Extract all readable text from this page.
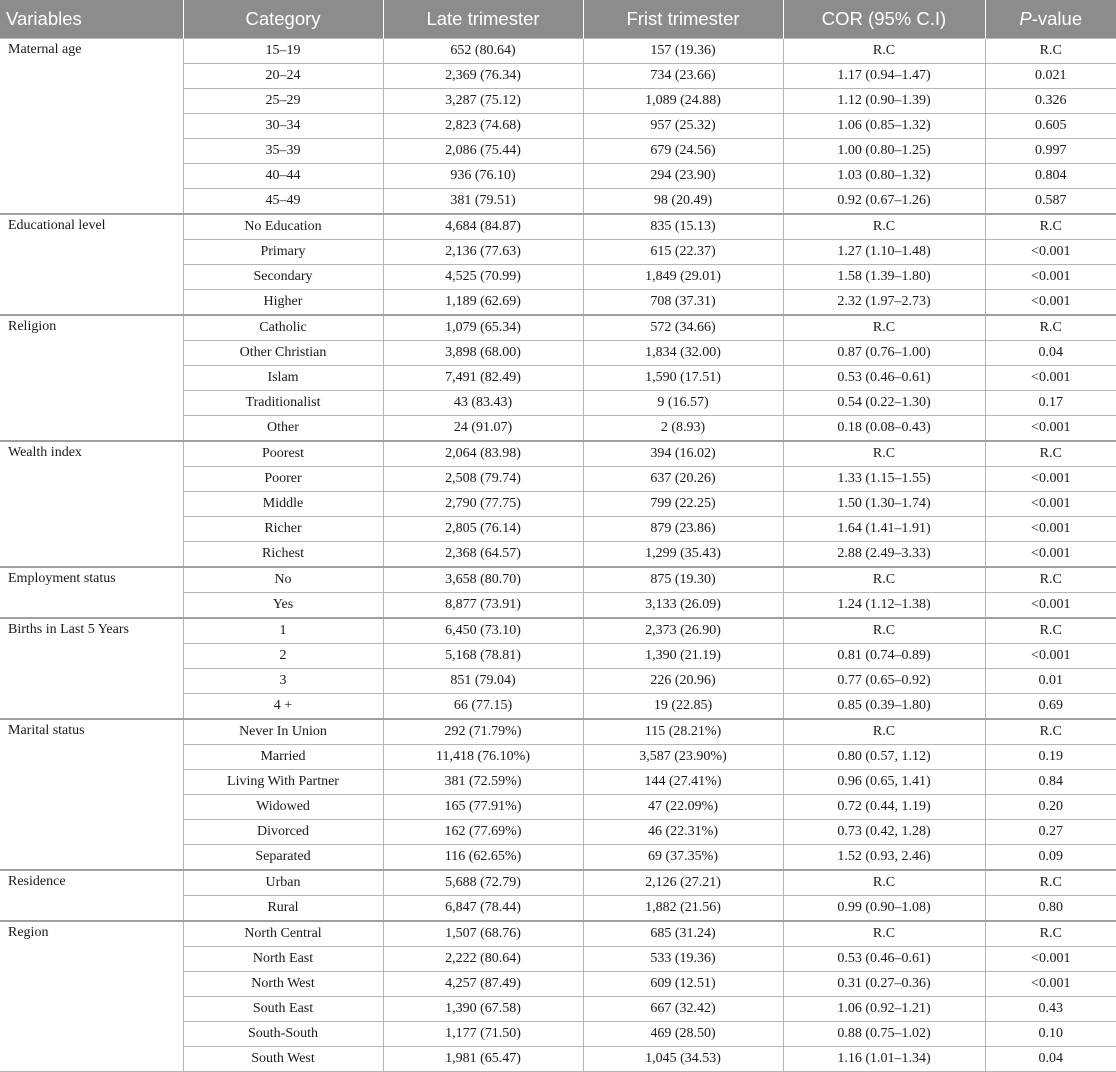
Variables	Category	Late trimester	Frist trimester	COR (95% C.I)	P-value
Maternal age	15–19	652 (80.64)	157 (19.36)	R.C	R.C
	20–24	2,369 (76.34)	734 (23.66)	1.17 (0.94–1.47)	0.021
	25–29	3,287 (75.12)	1,089 (24.88)	1.12 (0.90–1.39)	0.326
	30–34	2,823 (74.68)	957 (25.32)	1.06 (0.85–1.32)	0.605
	35–39	2,086 (75.44)	679 (24.56)	1.00 (0.80–1.25)	0.997
	40–44	936 (76.10)	294 (23.90)	1.03 (0.80–1.32)	0.804
	45–49	381 (79.51)	98 (20.49)	0.92 (0.67–1.26)	0.587
Educational level	No Education	4,684 (84.87)	835 (15.13)	R.C	R.C
	Primary	2,136 (77.63)	615 (22.37)	1.27 (1.10–1.48)	<0.001
	Secondary	4,525 (70.99)	1,849 (29.01)	1.58 (1.39–1.80)	<0.001
	Higher	1,189 (62.69)	708 (37.31)	2.32 (1.97–2.73)	<0.001
Religion	Catholic	1,079 (65.34)	572 (34.66)	R.C	R.C
	Other Christian	3,898 (68.00)	1,834 (32.00)	0.87 (0.76–1.00)	0.04
	Islam	7,491 (82.49)	1,590 (17.51)	0.53 (0.46–0.61)	<0.001
	Traditionalist	43 (83.43)	9 (16.57)	0.54 (0.22–1.30)	0.17
	Other	24 (91.07)	2 (8.93)	0.18 (0.08–0.43)	<0.001
Wealth index	Poorest	2,064 (83.98)	394 (16.02)	R.C	R.C
	Poorer	2,508 (79.74)	637 (20.26)	1.33 (1.15–1.55)	<0.001
	Middle	2,790 (77.75)	799 (22.25)	1.50 (1.30–1.74)	<0.001
	Richer	2,805 (76.14)	879 (23.86)	1.64 (1.41–1.91)	<0.001
	Richest	2,368 (64.57)	1,299 (35.43)	2.88 (2.49–3.33)	<0.001
Employment status	No	3,658 (80.70)	875 (19.30)	R.C	R.C
	Yes	8,877 (73.91)	3,133 (26.09)	1.24 (1.12–1.38)	<0.001
Births in Last 5 Years	1	6,450 (73.10)	2,373 (26.90)	R.C	R.C
	2	5,168 (78.81)	1,390 (21.19)	0.81 (0.74–0.89)	<0.001
	3	851 (79.04)	226 (20.96)	0.77 (0.65–0.92)	0.01
	4 +	66 (77.15)	19 (22.85)	0.85 (0.39–1.80)	0.69
Marital status	Never In Union	292 (71.79%)	115 (28.21%)	R.C	R.C
	Married	11,418 (76.10%)	3,587 (23.90%)	0.80 (0.57, 1.12)	0.19
	Living With Partner	381 (72.59%)	144 (27.41%)	0.96 (0.65, 1.41)	0.84
	Widowed	165 (77.91%)	47 (22.09%)	0.72 (0.44, 1.19)	0.20
	Divorced	162 (77.69%)	46 (22.31%)	0.73 (0.42, 1.28)	0.27
	Separated	116 (62.65%)	69 (37.35%)	1.52 (0.93, 2.46)	0.09
Residence	Urban	5,688 (72.79)	2,126 (27.21)	R.C	R.C
	Rural	6,847 (78.44)	1,882 (21.56)	0.99 (0.90–1.08)	0.80
Region	North Central	1,507 (68.76)	685 (31.24)	R.C	R.C
	North East	2,222 (80.64)	533 (19.36)	0.53 (0.46–0.61)	<0.001
	North West	4,257 (87.49)	609 (12.51)	0.31 (0.27–0.36)	<0.001
	South East	1,390 (67.58)	667 (32.42)	1.06 (0.92–1.21)	0.43
	South-South	1,177 (71.50)	469 (28.50)	0.88 (0.75–1.02)	0.10
	South West	1,981 (65.47)	1,045 (34.53)	1.16 (1.01–1.34)	0.04
